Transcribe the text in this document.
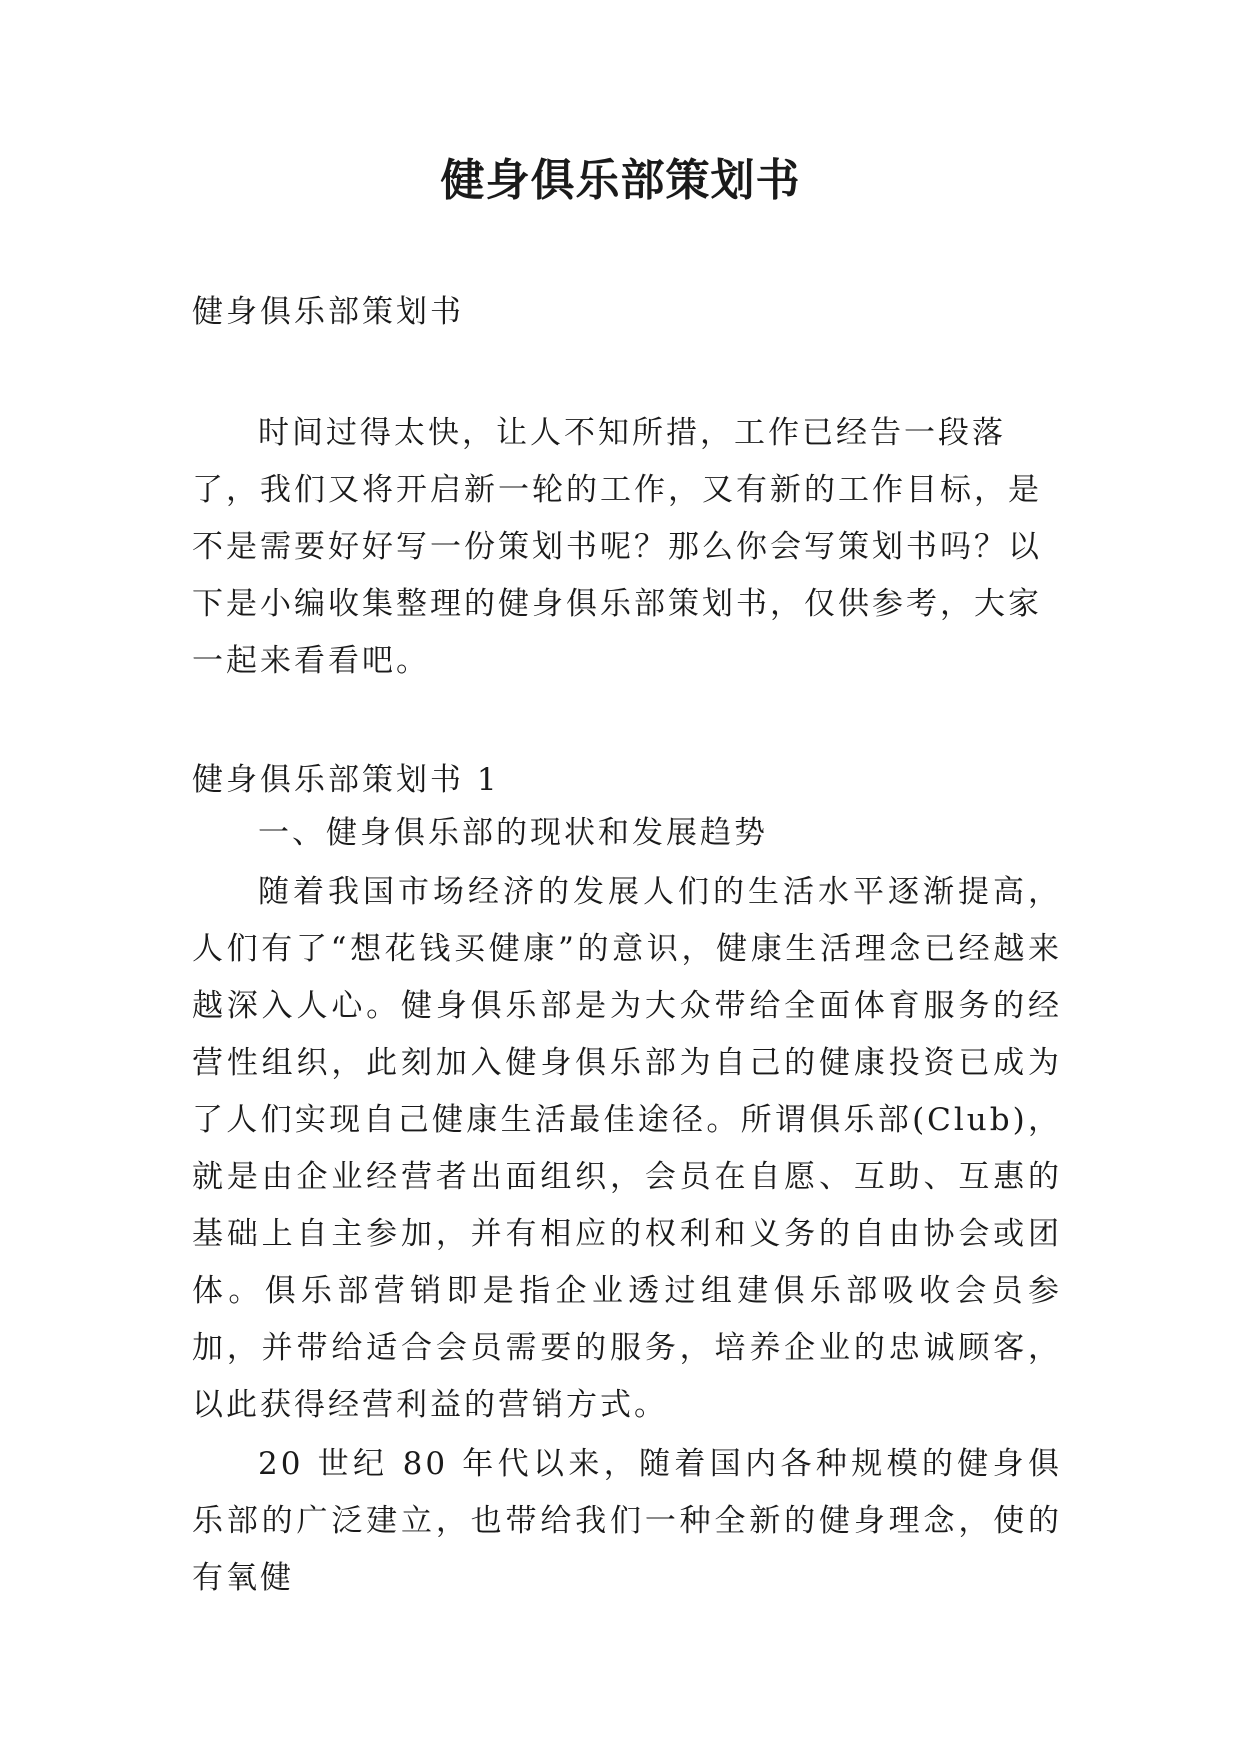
健身俱乐部策划书

健身俱乐部策划书

时间过得太快，让人不知所措，工作已经告一段落了，我们又将开启新一轮的工作，又有新的工作目标，是不是需要好好写一份策划书呢？那么你会写策划书吗？以下是小编收集整理的健身俱乐部策划书，仅供参考，大家一起来看看吧。

健身俱乐部策划书 1

一、健身俱乐部的现状和发展趋势

随着我国市场经济的发展人们的生活水平逐渐提高，人们有了“想花钱买健康”的意识，健康生活理念已经越来越深入人心。健身俱乐部是为大众带给全面体育服务的经营性组织，此刻加入健身俱乐部为自己的健康投资已成为了人们实现自己健康生活最佳途径。所谓俱乐部(Club)，就是由企业经营者出面组织，会员在自愿、互助、互惠的基础上自主参加，并有相应的权利和义务的自由协会或团体。俱乐部营销即是指企业透过组建俱乐部吸收会员参加，并带给适合会员需要的服务，培养企业的忠诚顾客，以此获得经营利益的营销方式。

20 世纪 80 年代以来，随着国内各种规模的健身俱乐部的广泛建立，也带给我们一种全新的健身理念，使的有氧健
